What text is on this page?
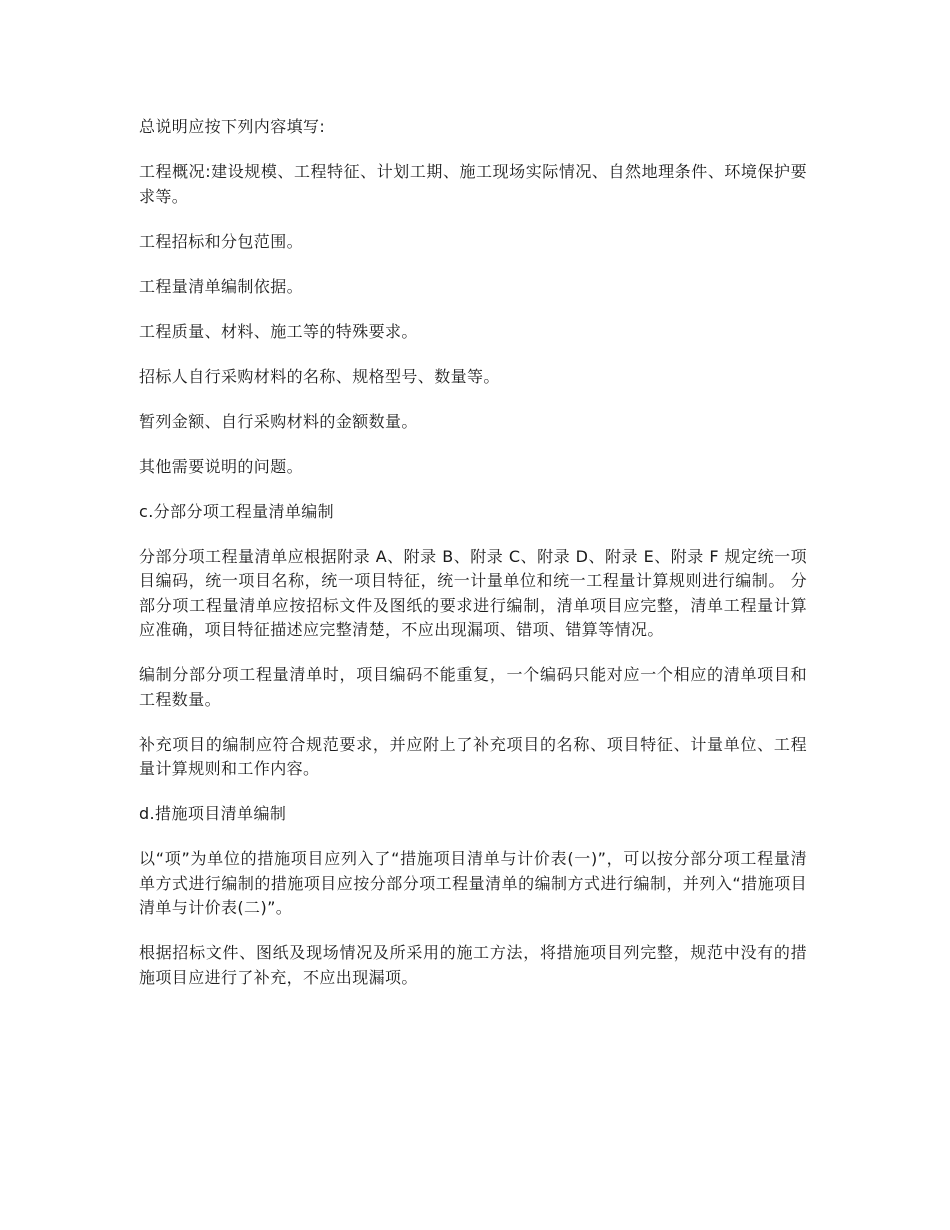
总说明应按下列内容填写:

工程概况:建设规模、工程特征、计划工期、施工现场实际情况、自然地理条件、环境保护要求等。

工程招标和分包范围。

工程量清单编制依据。

工程质量、材料、施工等的特殊要求。

招标人自行采购材料的名称、规格型号、数量等。

暂列金额、自行采购材料的金额数量。

其他需要说明的问题。

c.分部分项工程量清单编制

分部分项工程量清单应根据附录 A、附录 B、附录 C、附录 D、附录 E、附录 F 规定统一项目编码，统一项目名称，统一项目特征，统一计量单位和统一工程量计算规则进行编制。 分部分项工程量清单应按招标文件及图纸的要求进行编制，清单项目应完整，清单工程量计算应准确，项目特征描述应完整清楚，不应出现漏项、错项、错算等情况。

编制分部分项工程量清单时，项目编码不能重复，一个编码只能对应一个相应的清单项目和工程数量。

补充项目的编制应符合规范要求，并应附上了补充项目的名称、项目特征、计量单位、工程量计算规则和工作内容。

d.措施项目清单编制

以“项”为单位的措施项目应列入了“措施项目清单与计价表(一)”，可以按分部分项工程量清单方式进行编制的措施项目应按分部分项工程量清单的编制方式进行编制，并列入“措施项目清单与计价表(二)”。

根据招标文件、图纸及现场情况及所采用的施工方法，将措施项目列完整，规范中没有的措施项目应进行了补充，不应出现漏项。
